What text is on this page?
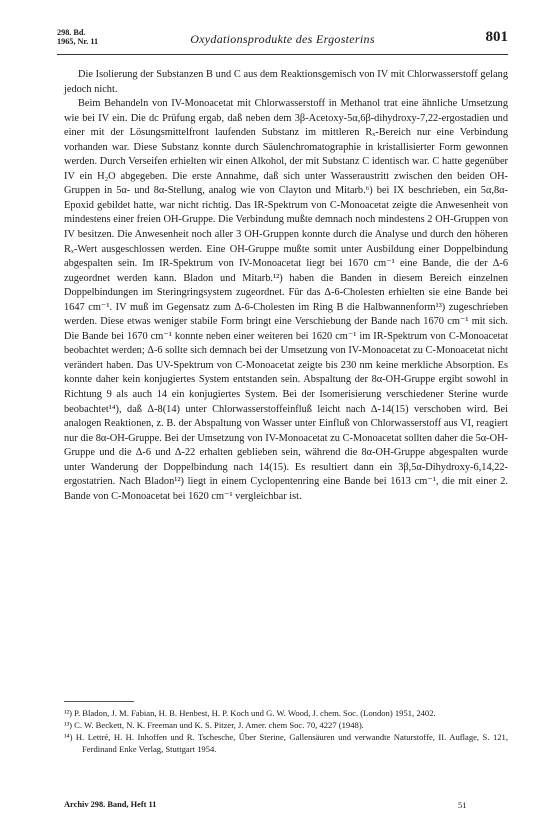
298. Bd.
1965, Nr. 11	Oxydationsprodukte des Ergosterins	801

Die Isolierung der Substanzen B und C aus dem Reaktionsgemisch von IV mit Chlorwasserstoff gelang jedoch nicht.

Beim Behandeln von IV-Monoacetat mit Chlorwasserstoff in Methanol trat eine ähnliche Umsetzung wie bei IV ein. Die dc Prüfung ergab, daß neben dem 3β-Acetoxy-5α,6β-dihydroxy-7,22-ergostadien und einer mit der Lösungsmittelfront laufenden Substanz im mittleren Rₓ-Bereich nur eine Verbindung vorhanden war. Diese Substanz konnte durch Säulenchromatographie in kristallisierter Form gewonnen werden. Durch Verseifen erhielten wir einen Alkohol, der mit Substanz C identisch war. C hatte gegenüber IV ein H₂O abgegeben. Die erste Annahme, daß sich unter Wasseraustritt zwischen den beiden OH-Gruppen in 5α- und 8α-Stellung, analog wie von Clayton und Mitarb.⁶) bei IX beschrieben, ein 5α,8α-Epoxid gebildet hatte, war nicht richtig. Das IR-Spektrum von C-Monoacetat zeigte die Anwesenheit von mindestens einer freien OH-Gruppe. Die Verbindung mußte demnach noch mindestens 2 OH-Gruppen von IV besitzen. Die Anwesenheit noch aller 3 OH-Gruppen konnte durch die Analyse und durch den höheren Rₓ-Wert ausgeschlossen werden. Eine OH-Gruppe mußte somit unter Ausbildung einer Doppelbindung abgespalten sein. Im IR-Spektrum von IV-Monoacetat liegt bei 1670 cm⁻¹ eine Bande, die der Δ-6 zugeordnet werden kann. Bladon und Mitarb.¹²) haben die Banden in diesem Bereich einzelnen Doppelbindungen im Steringringsystem zugeordnet. Für das Δ-6-Cholesten erhielten sie eine Bande bei 1647 cm⁻¹. IV muß im Gegensatz zum Δ-6-Cholesten im Ring B die Halbwannenform¹³) zugeschrieben werden. Diese etwas weniger stabile Form bringt eine Verschiebung der Bande nach 1670 cm⁻¹ mit sich. Die Bande bei 1670 cm⁻¹ konnte neben einer weiteren bei 1620 cm⁻¹ im IR-Spektrum von C-Monoacetat beobachtet werden; Δ-6 sollte sich demnach bei der Umsetzung von IV-Monoacetat zu C-Monoacetat nicht verändert haben. Das UV-Spektrum von C-Monoacetat zeigte bis 230 nm keine merkliche Absorption. Es konnte daher kein konjugiertes System entstanden sein. Abspaltung der 8α-OH-Gruppe ergibt sowohl in Richtung 9 als auch 14 ein konjugiertes System. Bei der Isomerisierung verschiedener Sterine wurde beobachtet¹⁴), daß Δ-8(14) unter Chlorwasserstoffeinfluß leicht nach Δ-14(15) verschoben wird. Bei analogen Reaktionen, z. B. der Abspaltung von Wasser unter Einfluß von Chlorwasserstoff aus VI, reagiert nur die 8α-OH-Gruppe. Bei der Umsetzung von IV-Monoacetat zu C-Monoacetat sollten daher die 5α-OH-Gruppe und die Δ-6 und Δ-22 erhalten geblieben sein, während die 8α-OH-Gruppe abgespalten wurde unter Wanderung der Doppelbindung nach 14(15). Es resultiert dann ein 3β,5α-Dihydroxy-6,14,22-ergostatrien. Nach Bladon¹²) liegt in einem Cyclopentenring eine Bande bei 1613 cm⁻¹, die mit einer 2. Bande von C-Monoacetat bei 1620 cm⁻¹ vergleichbar ist.

¹²) P. Bladon, J. M. Fabian, H. B. Henbest, H. P. Koch und G. W. Wood, J. chem. Soc. (London) 1951, 2402.
¹³) C. W. Beckett, N. K. Freeman und K. S. Pitzer, J. Amer. chem Soc. 70, 4227 (1948).
¹⁴) H. Lettré, H. H. Inhoffen und R. Tschesche, Über Sterine, Gallensäuren und verwandte Naturstoffe, II. Auflage, S. 121, Ferdinand Enke Verlag, Stuttgart 1954.
Archiv 298. Band, Heft 11	51
